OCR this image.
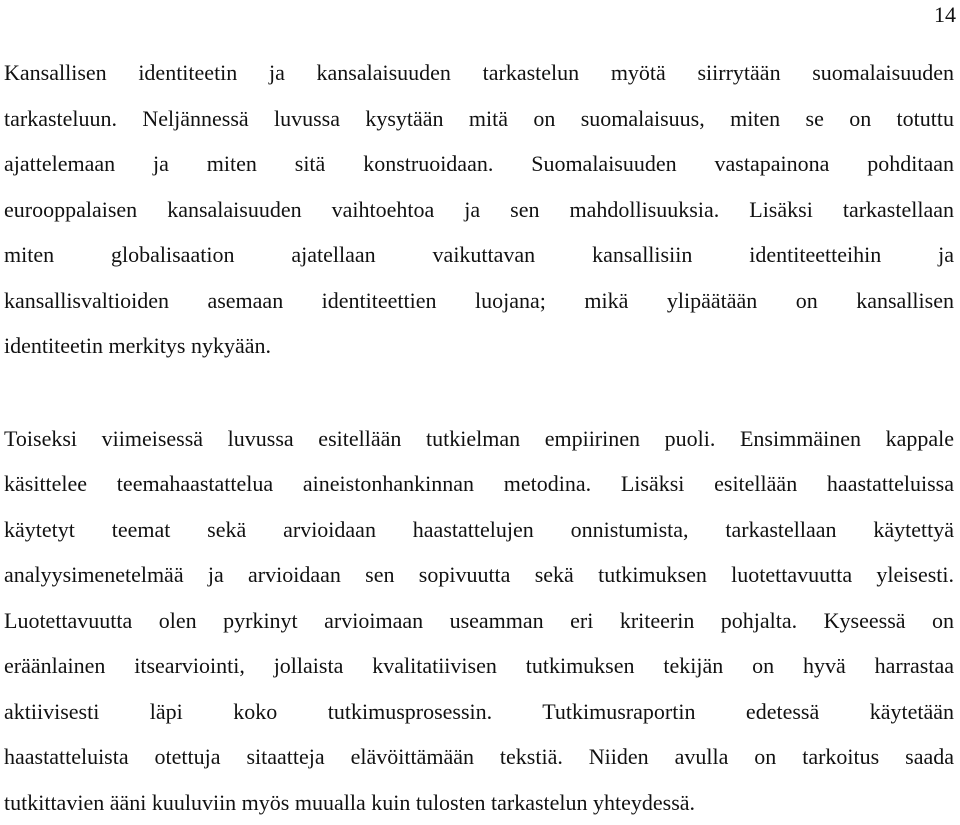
14
Kansallisen identiteetin ja kansalaisuuden tarkastelun myötä siirrytään suomalaisuuden
tarkasteluun. Neljännessä luvussa kysytään mitä on suomalaisuus, miten se on totuttu
ajattelemaan ja miten sitä konstruoidaan. Suomalaisuuden vastapainona pohditaan
eurooppalaisen kansalaisuuden vaihtoehtoa ja sen mahdollisuuksia. Lisäksi tarkastellaan
miten globalisaation ajatellaan vaikuttavan kansallisiin identiteetteihin ja
kansallisvaltioiden asemaan identiteettien luojana; mikä ylipäätään on kansallisen
identiteetin merkitys nykyään.
Toiseksi viimeisessä luvussa esitellään tutkielman empiirinen puoli. Ensimmäinen kappale
käsittelee teemahaastattelua aineistonhankinnan metodina. Lisäksi esitellään haastatteluissa
käytetyt teemat sekä arvioidaan haastattelujen onnistumista, tarkastellaan käytettyä
analyysimenetelmää ja arvioidaan sen sopivuutta sekä tutkimuksen luotettavuutta yleisesti.
Luotettavuutta olen pyrkinyt arvioimaan useamman eri kriteerin pohjalta. Kyseessä on
eräänlainen itsearviointi, jollaista kvalitatiivisen tutkimuksen tekijän on hyvä harrastaa
aktiivisesti läpi koko tutkimusprosessin. Tutkimusraportin edetessä käytetään
haastatteluista otettuja sitaatteja elävöittämään tekstiä. Niiden avulla on tarkoitus saada
tutkittavien ääni kuuluviin myös muualla kuin tulosten tarkastelun yhteydessä.
